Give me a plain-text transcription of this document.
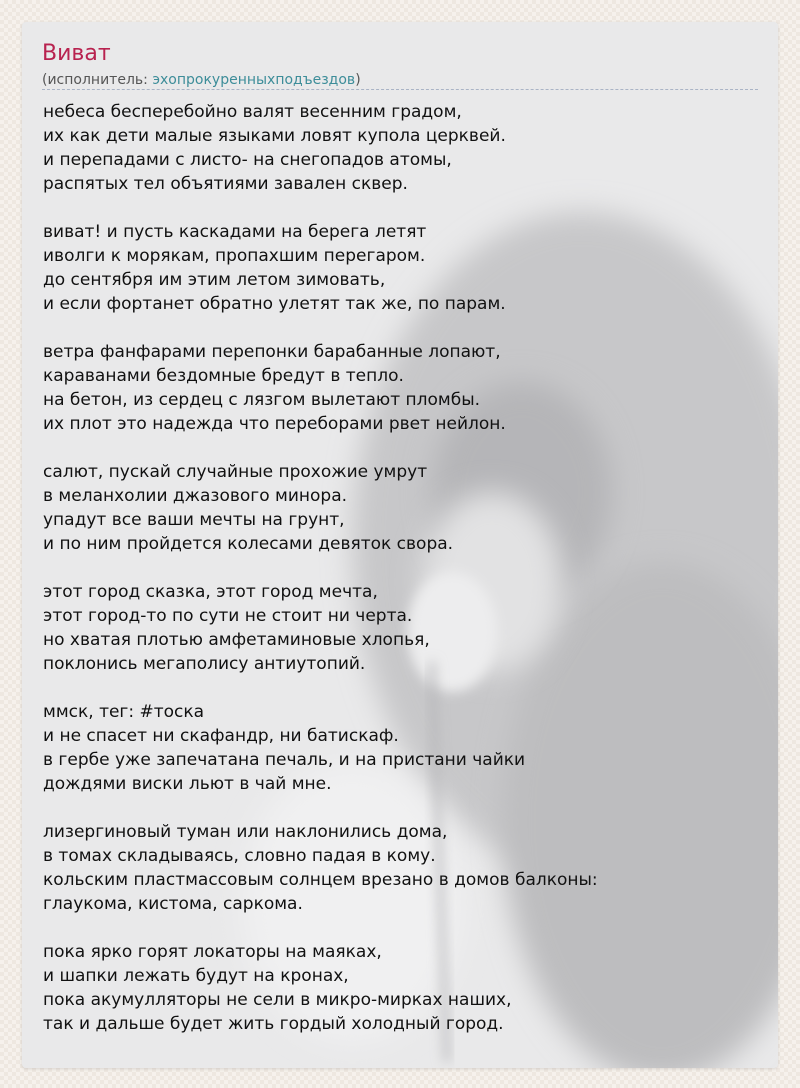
Виват
(исполнитель: эхопрокуренныхподъездов)
небеса бесперебойно валят весенним градом,
их как дети малые языками ловят купола церквей.
и перепадами с листо- на снегопадов атомы,
распятых тел объятиями завален сквер.
виват! и пусть каскадами на берега летят
иволги к морякам, пропахшим перегаром.
до сентября им этим летом зимовать,
и если фортанет обратно улетят так же, по парам.
ветра фанфарами перепонки барабанные лопают,
караванами бездомные бредут в тепло.
на бетон, из сердец с лязгом вылетают пломбы.
их плот это надежда что переборами рвет нейлон.
салют, пускай случайные прохожие умрут
в меланхолии джазового минора.
упадут все ваши мечты на грунт,
и по ним пройдется колесами девяток свора.
этот город сказка, этот город мечта,
этот город-то по сути не стоит ни черта.
но хватая плотью амфетаминовые хлопья,
поклонись мегаполису антиутопий.
ммск, тег: #тоска
и не спасет ни скафандр, ни батискаф.
в гербе уже запечатана печаль, и на пристани чайки
дождями виски льют в чай мне.
лизергиновый туман или наклонились дома,
в томах складываясь, словно падая в кому.
кольским пластмассовым солнцем врезано в домов балконы:
глаукома, кистома, саркома.
пока ярко горят локаторы на маяках,
и шапки лежать будут на кронах,
пока акумулляторы не сели в микро-мирках наших,
так и дальше будет жить гордый холодный город.
